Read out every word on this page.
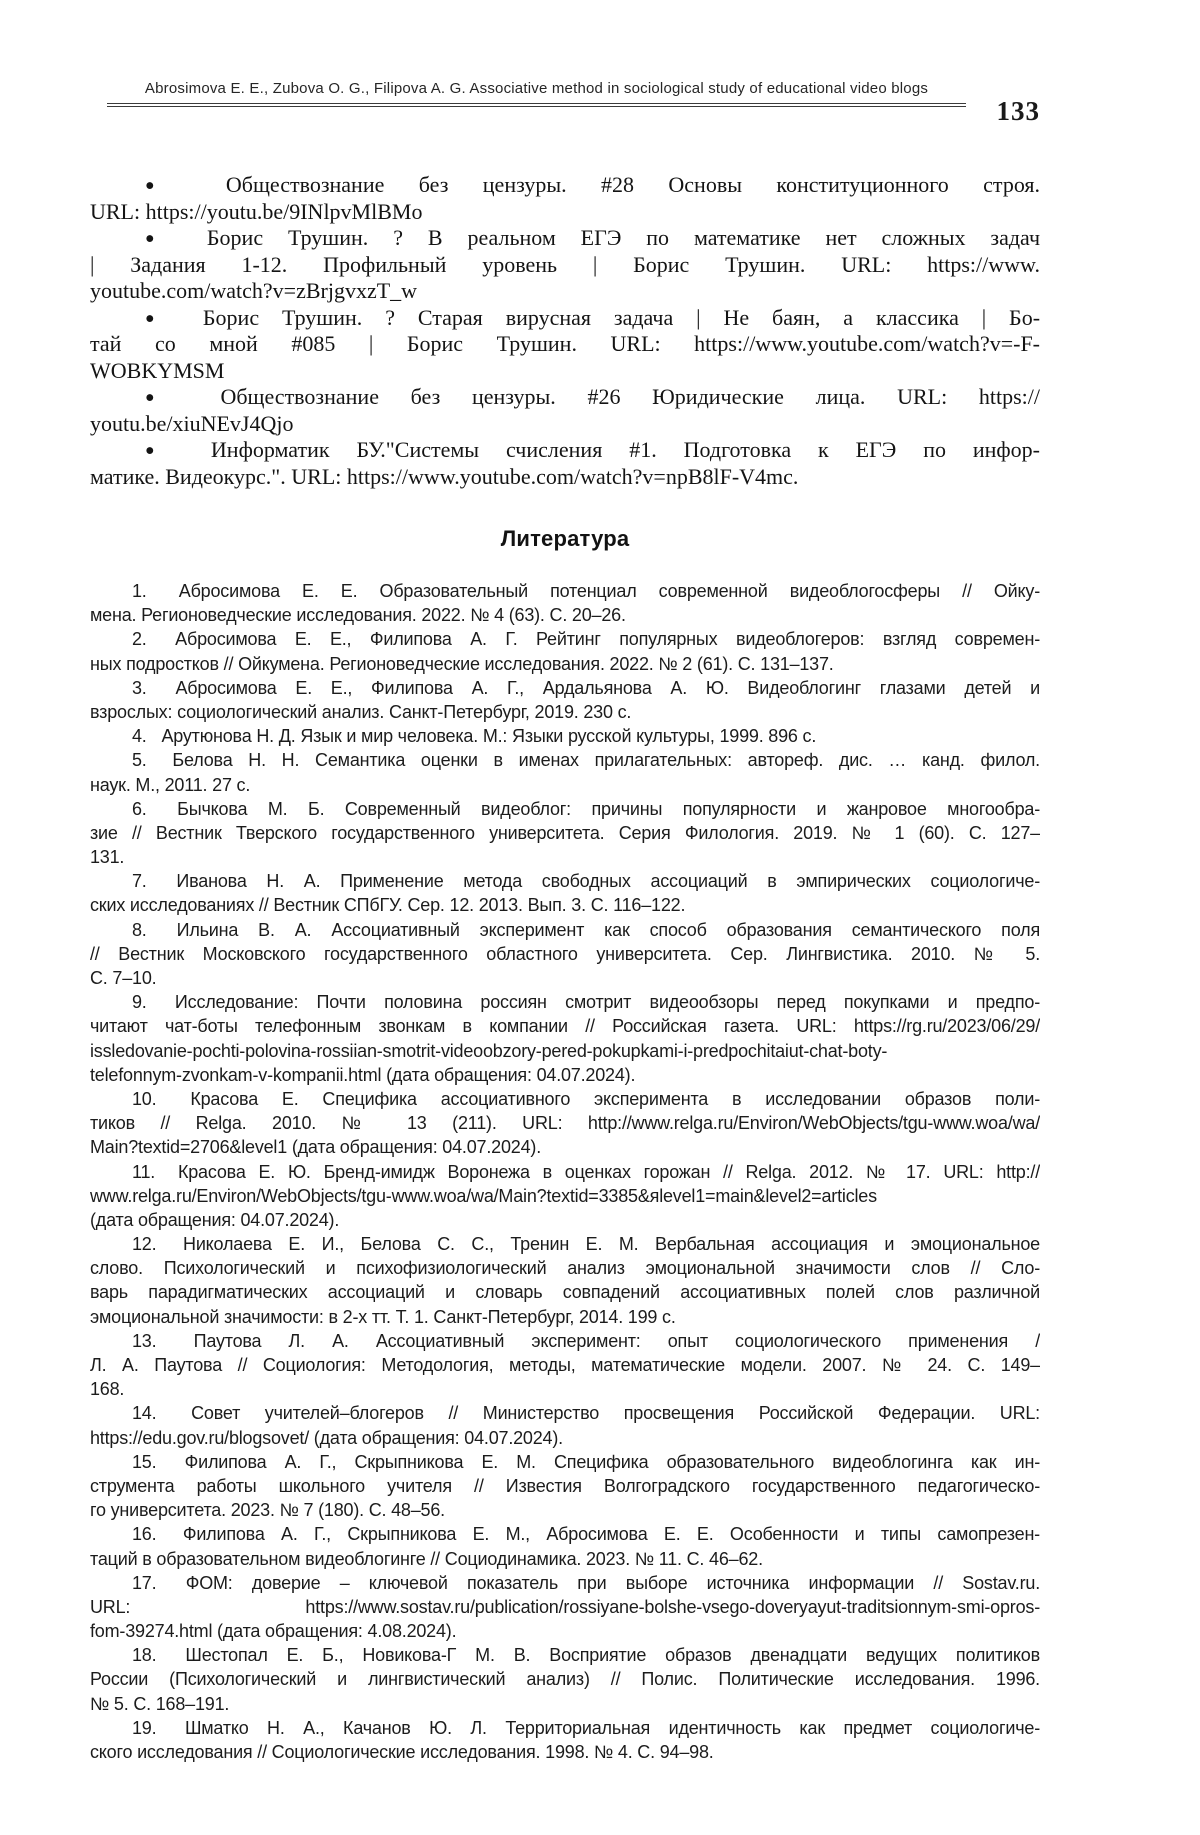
Abrosimova E. E., Zubova O. G., Filipova A. G. Associative method in sociological study of educational video blogs
133
● Обществознание без цензуры. #28 Основы конституционного строя.
URL: https://youtu.be/9INlpvMlBMo
● Борис Трушин. ? В реальном ЕГЭ по математике нет сложных задач
| Задания 1-12. Профильный уровень | Борис Трушин. URL: https://www.
youtube.com/watch?v=zBrjgvxzT_w
● Борис Трушин. ? Старая вирусная задача | Не баян, а классика | Бо-
тай со мной #085 | Борис Трушин. URL: https://www.youtube.com/watch?v=-F-
WOBKYMSM
● Обществознание без цензуры. #26 Юридические лица. URL: https://
youtu.be/xiuNEvJ4Qjo
● Информатик БУ."Системы счисления #1. Подготовка к ЕГЭ по инфор-
матике. Видеокурс.". URL: https://www.youtube.com/watch?v=npB8lF-V4mc.
Литература
1. Абросимова Е. Е. Образовательный потенциал современной видеоблогосферы // Ойку-
мена. Регионоведческие исследования. 2022. № 4 (63). С. 20–26.
2. Абросимова Е. Е., Филипова А. Г. Рейтинг популярных видеоблогеров: взгляд современ-
ных подростков // Ойкумена. Регионоведческие исследования. 2022. № 2 (61). С. 131–137.
3. Абросимова Е. Е., Филипова А. Г., Ардальянова А. Ю. Видеоблогинг глазами детей и
взрослых: социологический анализ. Санкт-Петербург, 2019. 230 с.
4. Арутюнова Н. Д. Язык и мир человека. М.: Языки русской культуры, 1999. 896 с.
5. Белова Н. Н. Семантика оценки в именах прилагательных: автореф. дис. … канд. филол.
наук. М., 2011. 27 с.
6. Бычкова М. Б. Современный видеоблог: причины популярности и жанровое многообра-
зие // Вестник Тверского государственного университета. Серия Филология. 2019. № 1 (60). С. 127–
131.
7. Иванова Н. А. Применение метода свободных ассоциаций в эмпирических социологиче-
ских исследованиях // Вестник СПбГУ. Сер. 12. 2013. Вып. 3. С. 116–122.
8. Ильина В. А. Ассоциативный эксперимент как способ образования семантического поля
// Вестник Московского государственного областного университета. Сер. Лингвистика. 2010. № 5.
С. 7–10.
9. Исследование: Почти половина россиян смотрит видеообзоры перед покупками и предпо-
читают чат-боты телефонным звонкам в компании // Российская газета. URL: https://rg.ru/2023/06/29/
issledovanie-pochti-polovina-rossiian-smotrit-videoobzory-pered-pokupkami-i-predpochitaiut-chat-boty-
telefonnym-zvonkam-v-kompanii.html (дата обращения: 04.07.2024).
10. Красова Е. Специфика ассоциативного эксперимента в исследовании образов поли-
тиков // Relga. 2010. № 13 (211). URL: http://www.relga.ru/Environ/WebObjects/tgu-www.woa/wa/
Main?textid=2706&level1 (дата обращения: 04.07.2024).
11. Красова Е. Ю. Бренд-имидж Воронежа в оценках горожан // Relga. 2012. № 17. URL: http://
www.relga.ru/Environ/WebObjects/tgu-www.woa/wa/Main?textid=3385&яlevel1=main&level2=articles
(дата обращения: 04.07.2024).
12. Николаева Е. И., Белова С. С., Тренин Е. М. Вербальная ассоциация и эмоциональное
слово. Психологический и психофизиологический анализ эмоциональной значимости слов // Сло-
варь парадигматических ассоциаций и словарь совпадений ассоциативных полей слов различной
эмоциональной значимости: в 2-х тт. Т. 1. Санкт-Петербург, 2014. 199 с.
13. Паутова Л. А. Ассоциативный эксперимент: опыт социологического применения /
Л. А. Паутова // Социология: Методология, методы, математические модели. 2007. № 24. С. 149–
168.
14. Совет учителей–блогеров // Министерство просвещения Российской Федерации. URL:
https://edu.gov.ru/blogsovet/ (дата обращения: 04.07.2024).
15. Филипова А. Г., Скрыпникова Е. М. Специфика образовательного видеоблогинга как ин-
струмента работы школьного учителя // Известия Волгоградского государственного педагогическо-
го университета. 2023. № 7 (180). С. 48–56.
16. Филипова А. Г., Скрыпникова Е. М., Абросимова Е. Е. Особенности и типы самопрезен-
таций в образовательном видеоблогинге // Социодинамика. 2023. № 11. С. 46–62.
17. ФОМ: доверие – ключевой показатель при выборе источника информации // Sostav.ru.
URL: https://www.sostav.ru/publication/rossiyane-bolshe-vsego-doveryayut-traditsionnym-smi-opros-
fom-39274.html (дата обращения: 4.08.2024).
18. Шестопал Е. Б., Новикова-Г М. В. Восприятие образов двенадцати ведущих политиков
России (Психологический и лингвистический анализ) // Полис. Политические исследования. 1996.
№ 5. С. 168–191.
19. Шматко Н. А., Качанов Ю. Л. Территориальная идентичность как предмет социологиче-
ского исследования // Социологические исследования. 1998. № 4. С. 94–98.
